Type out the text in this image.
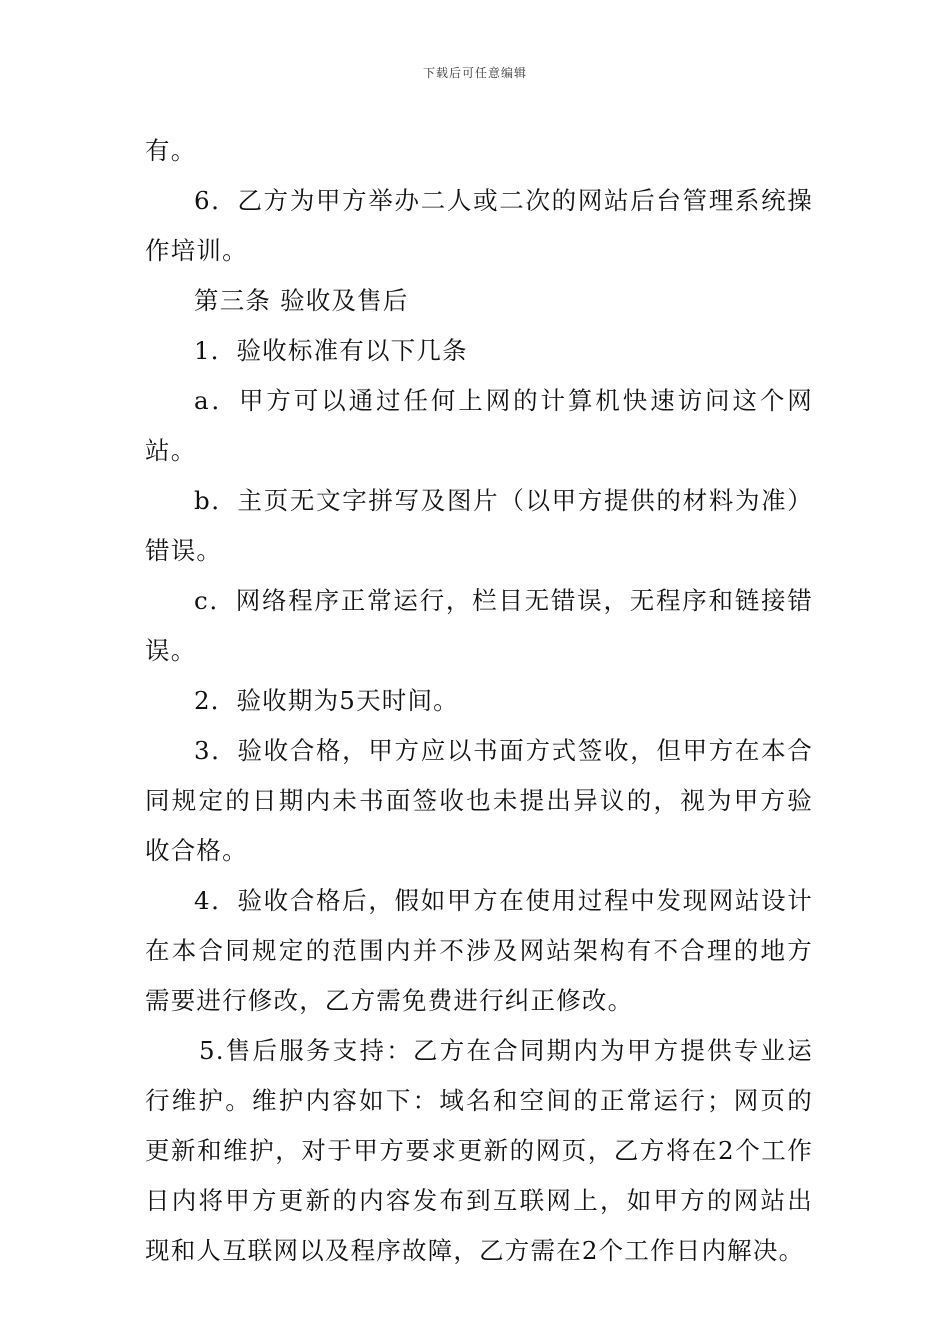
下载后可任意编辑

有。

6．乙方为甲方举办二人或二次的网站后台管理系统操作培训。

第三条 验收及售后

1．验收标准有以下几条

a．甲方可以通过任何上网的计算机快速访问这个网站。

b．主页无文字拼写及图片（以甲方提供的材料为准）错误。

c．网络程序正常运行，栏目无错误，无程序和链接错误。

2．验收期为5天时间。

3．验收合格，甲方应以书面方式签收，但甲方在本合同规定的日期内未书面签收也未提出异议的，视为甲方验收合格。

4．验收合格后，假如甲方在使用过程中发现网站设计在本合同规定的范围内并不涉及网站架构有不合理的地方需要进行修改，乙方需免费进行纠正修改。

5.售后服务支持：乙方在合同期内为甲方提供专业运行维护。维护内容如下：域名和空间的正常运行；网页的更新和维护，对于甲方要求更新的网页，乙方将在2个工作日内将甲方更新的内容发布到互联网上，如甲方的网站出现和人互联网以及程序故障，乙方需在2个工作日内解决。
